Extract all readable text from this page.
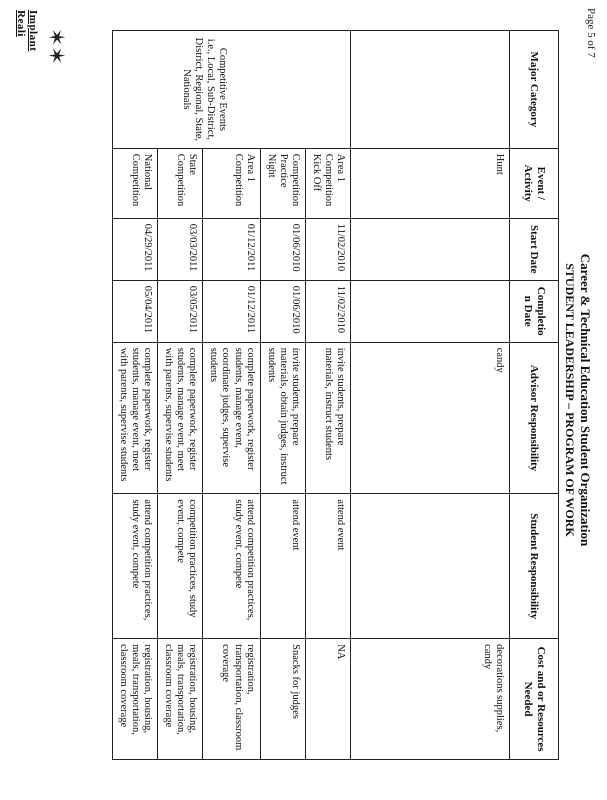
✶✶
Implant Reali	Page 5 of 7
Career & Technical Education Student Organization
STUDENT LEADERSHIP – PROGRAM OF WORK
Major Category	Event / Activity	Start Date	Completio n Date	Advisor Responsibility	Student Responsibility	Cost and or Resources Needed
	Hunt			candy		decorations supplies, candy

Competitive Events
i.e., Local, Sub-District, District, Regional, State, Nationals	Area 1 Competition Kick Off	11/02/2010	11/02/2010	invite students, prepare materials, instruct students	attend event	NA
	Competition Practice Night	01/06/2010	01/06/2010	invite students, prepare materials, obtain judges, instruct students	attend event	Snacks for judges
	Area 1 Competition	01/12/2011	01/12/2011	complete paperwork, register students, manage event, coordinate judges, supervise students	attend competition practices, study event, compete	registration, transportation, classroom coverage
	State Competition	03/03/2011	03/05/2011	complete paperwork, register students, manage event, meet with parents, supervise students	competition practices, study event, compete	registration, housing, meals, transportation, classroom coverage
	National Competition	04/29/2011	05/04/2011	complete paperwork, register students, manage event, meet with parents, supervise students	attend competition practices, study event, compete	registration, housing, meals, transportation, classroom coverage
